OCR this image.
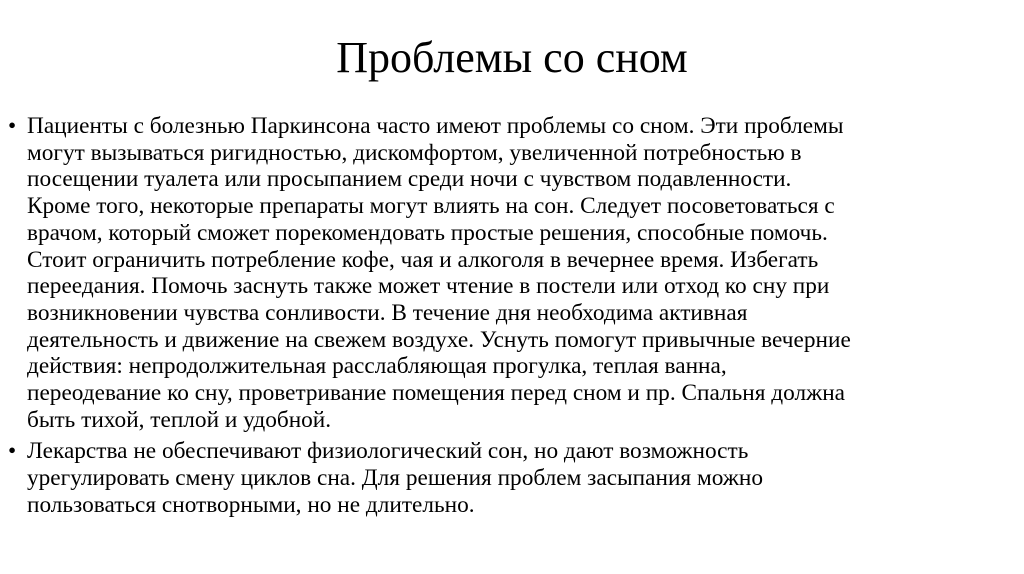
Проблемы со сном
• Пациенты с болезнью Паркинсона часто имеют проблемы со сном. Эти проблемы
могут вызываться ригидностью, дискомфортом, увеличенной потребностью в
посещении туалета или просыпанием среди ночи с чувством подавленности.
Кроме того, некоторые препараты могут влиять на сон. Следует посоветоваться с
врачом, который сможет порекомендовать простые решения, способные помочь.
Стоит ограничить потребление кофе, чая и алкоголя в вечернее время. Избегать
переедания. Помочь заснуть также может чтение в постели или отход ко сну при
возникновении чувства сонливости. В течение дня необходима активная
деятельность и движение на свежем воздухе. Уснуть помогут привычные вечерние
действия: непродолжительная расслабляющая прогулка, теплая ванна,
переодевание ко сну, проветривание помещения перед сном и пр. Спальня должна
быть тихой, теплой и удобной.
• Лекарства не обеспечивают физиологический сон, но дают возможность
урегулировать смену циклов сна. Для решения проблем засыпания можно
пользоваться снотворными, но не длительно.
